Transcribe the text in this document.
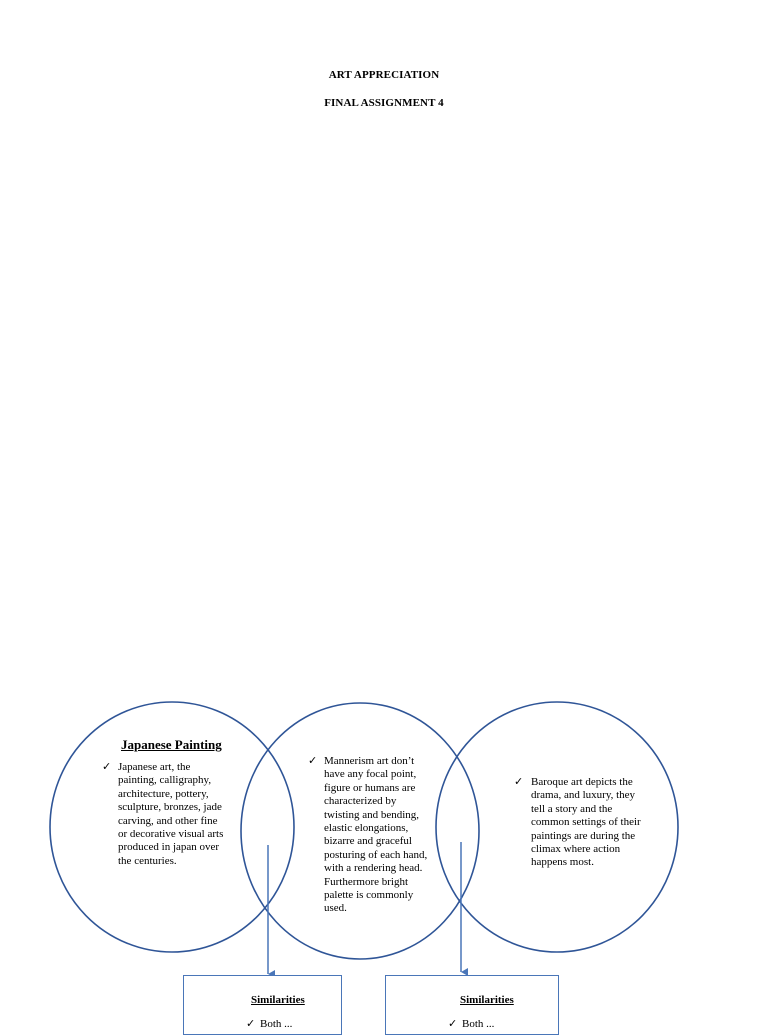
ART APPRECIATION
FINAL ASSIGNMENT 4
Japanese Painting
✓ Japanese art, the painting, calligraphy, architecture, pottery, sculpture, bronzes, jade carving, and other fine or decorative visual arts produced in japan over the centuries.
✓ Mannerism art don’t have any focal point, figure or humans are characterized by twisting and bending, elastic elongations, bizarre and graceful posturing of each hand, with a rendering head. Furthermore bright palette is commonly used.
✓ Baroque art depicts the drama, and luxury, they tell a story and the common settings of their paintings are during the climax where action happens most.
Similarities
✓ Both ...
Similarities
✓ Both ...
